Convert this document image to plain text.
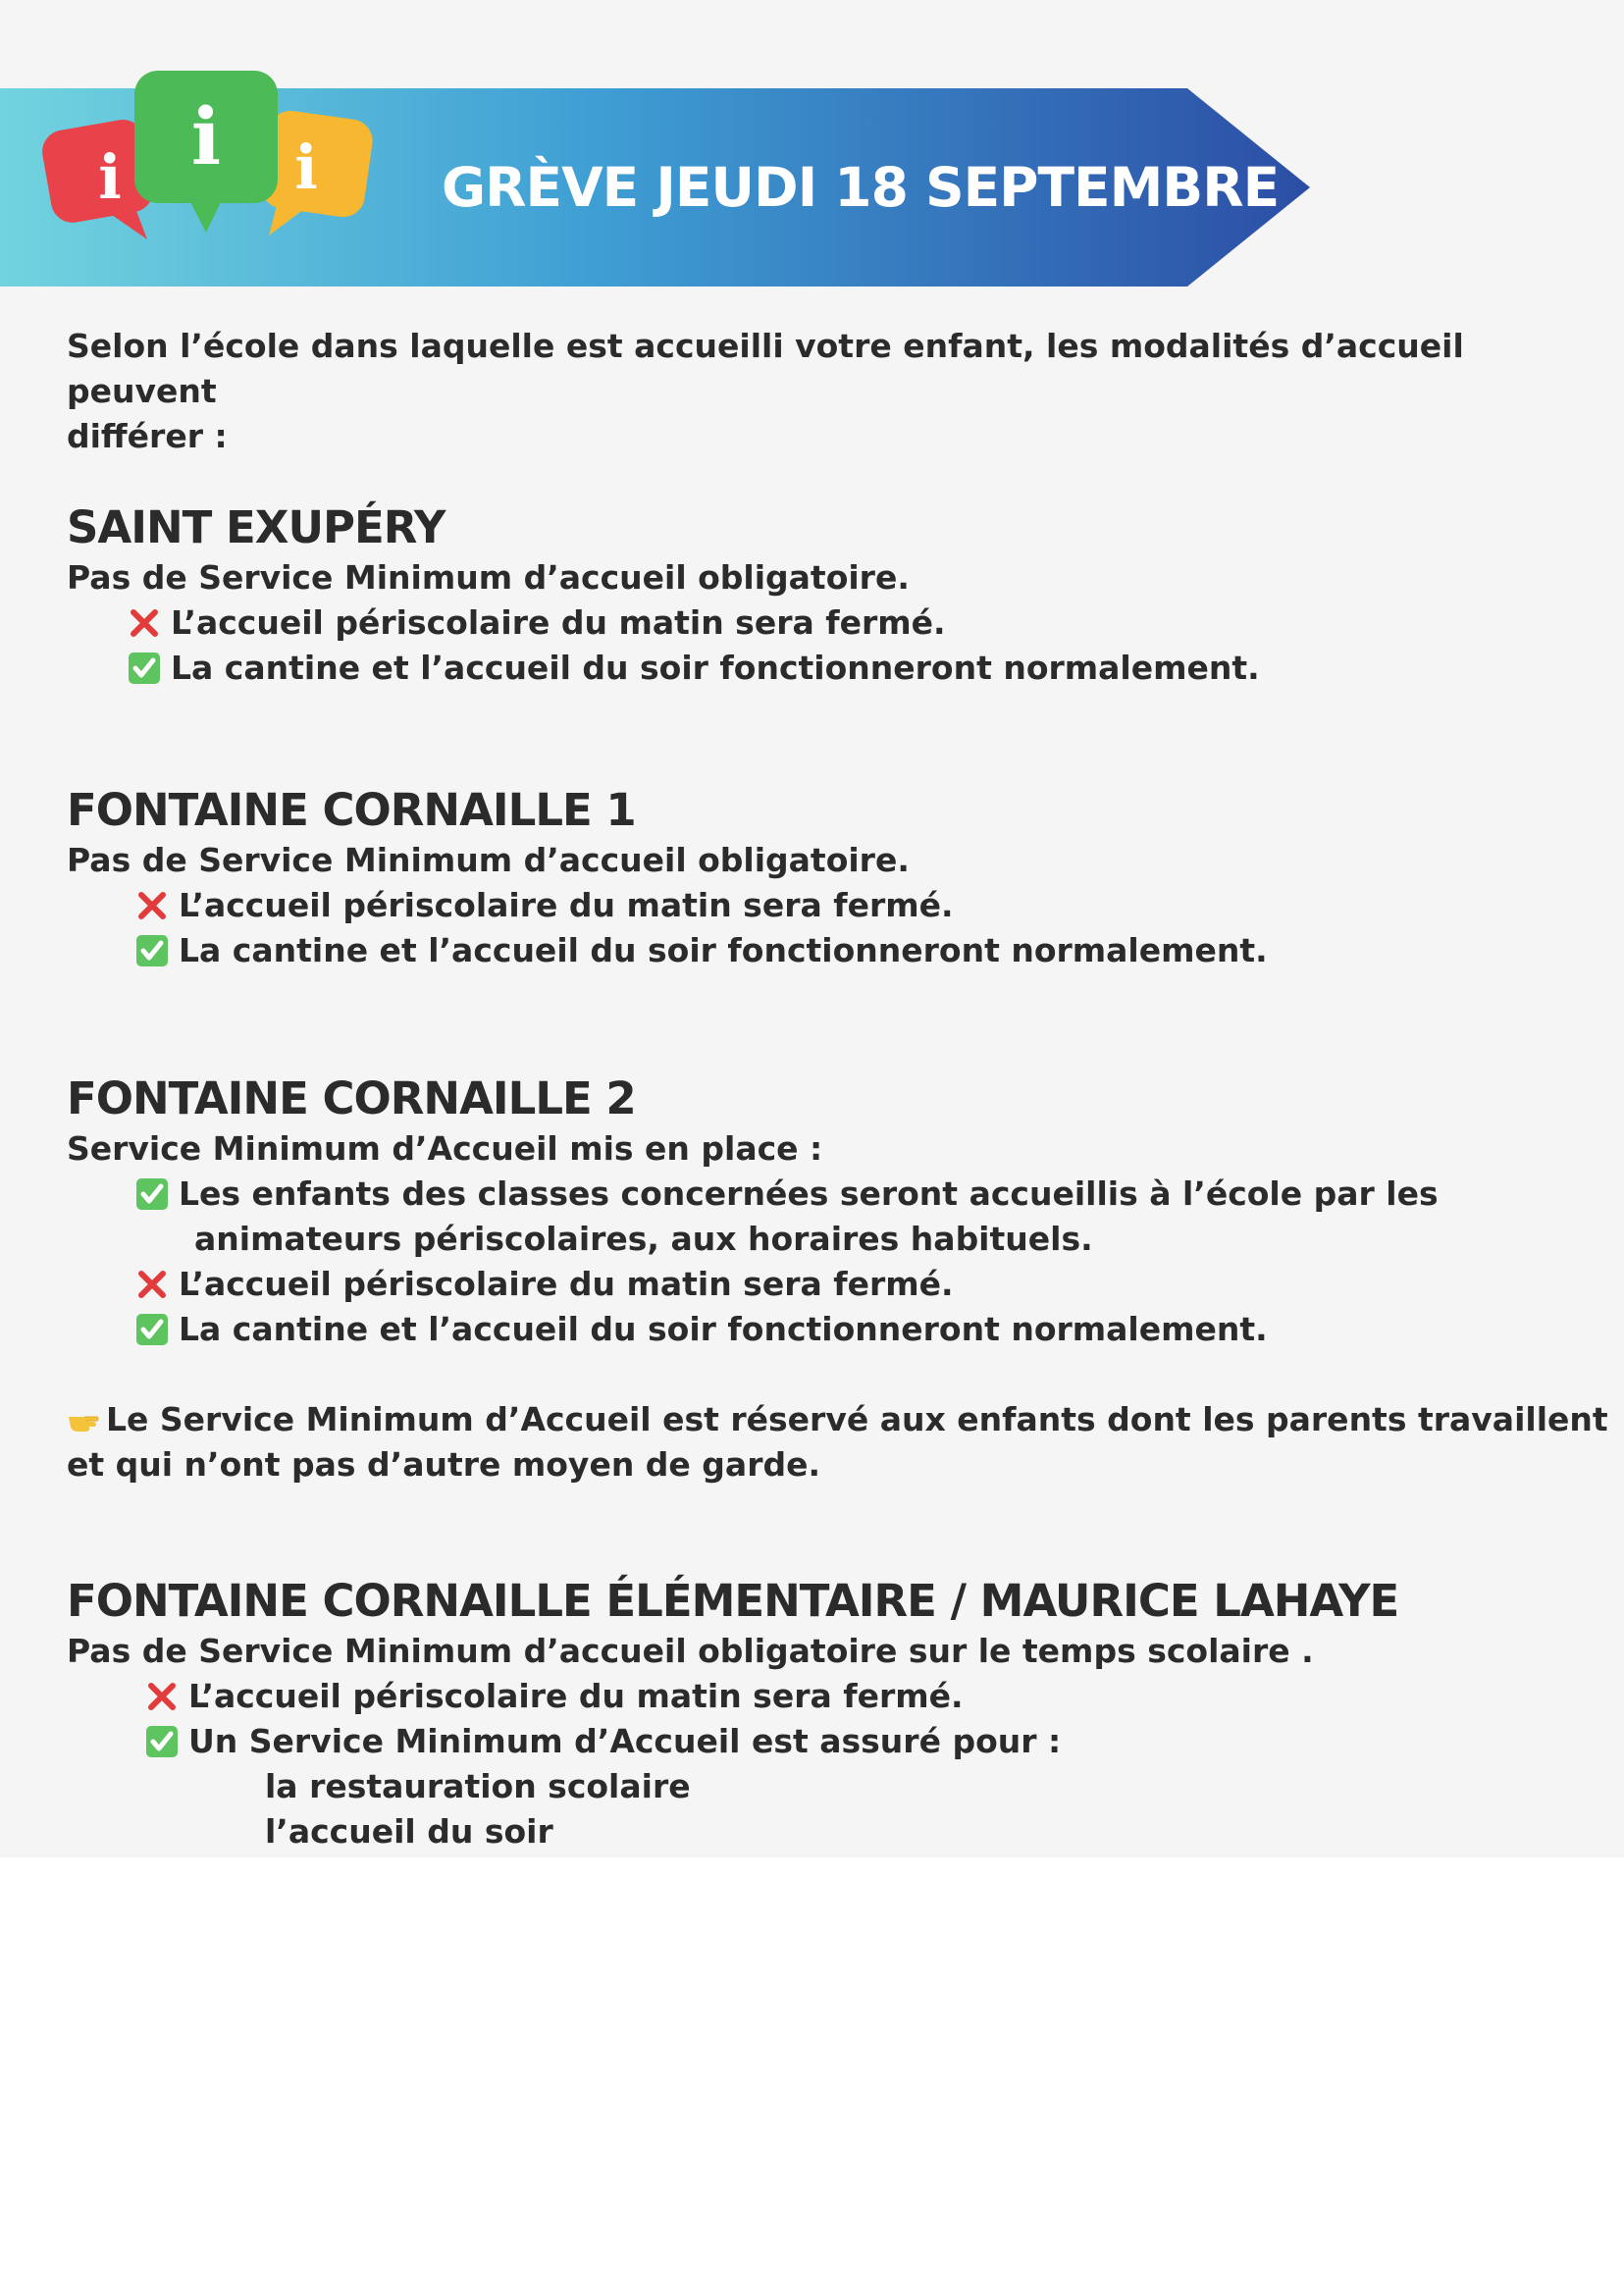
GRÈVE JEUDI 18 SEPTEMBRE
i	i
i

Selon l’école dans laquelle est accueilli votre enfant, les modalités d’accueil peuvent

différer :

SAINT EXUPÉRY

Pas de Service Minimum d’accueil obligatoire.

L’accueil périscolaire du matin sera fermé.
La cantine et l’accueil du soir fonctionneront normalement.

FONTAINE CORNAILLE 1

Pas de Service Minimum d’accueil obligatoire.

L’accueil périscolaire du matin sera fermé.
La cantine et l’accueil du soir fonctionneront normalement.

FONTAINE CORNAILLE 2

Service Minimum d’Accueil mis en place :

Les enfants des classes concernées seront accueillis à l’école par les
animateurs périscolaires, aux horaires habituels.
L’accueil périscolaire du matin sera fermé.
La cantine et l’accueil du soir fonctionneront normalement.
Le Service Minimum d’Accueil est réservé aux enfants dont les parents travaillent

et qui n’ont pas d’autre moyen de garde.

FONTAINE CORNAILLE ÉLÉMENTAIRE / MAURICE LAHAYE

Pas de Service Minimum d’accueil obligatoire sur le temps scolaire .

L’accueil périscolaire du matin sera fermé.
Un Service Minimum d’Accueil est assuré pour :
la restauration scolaire
l’accueil du soir
